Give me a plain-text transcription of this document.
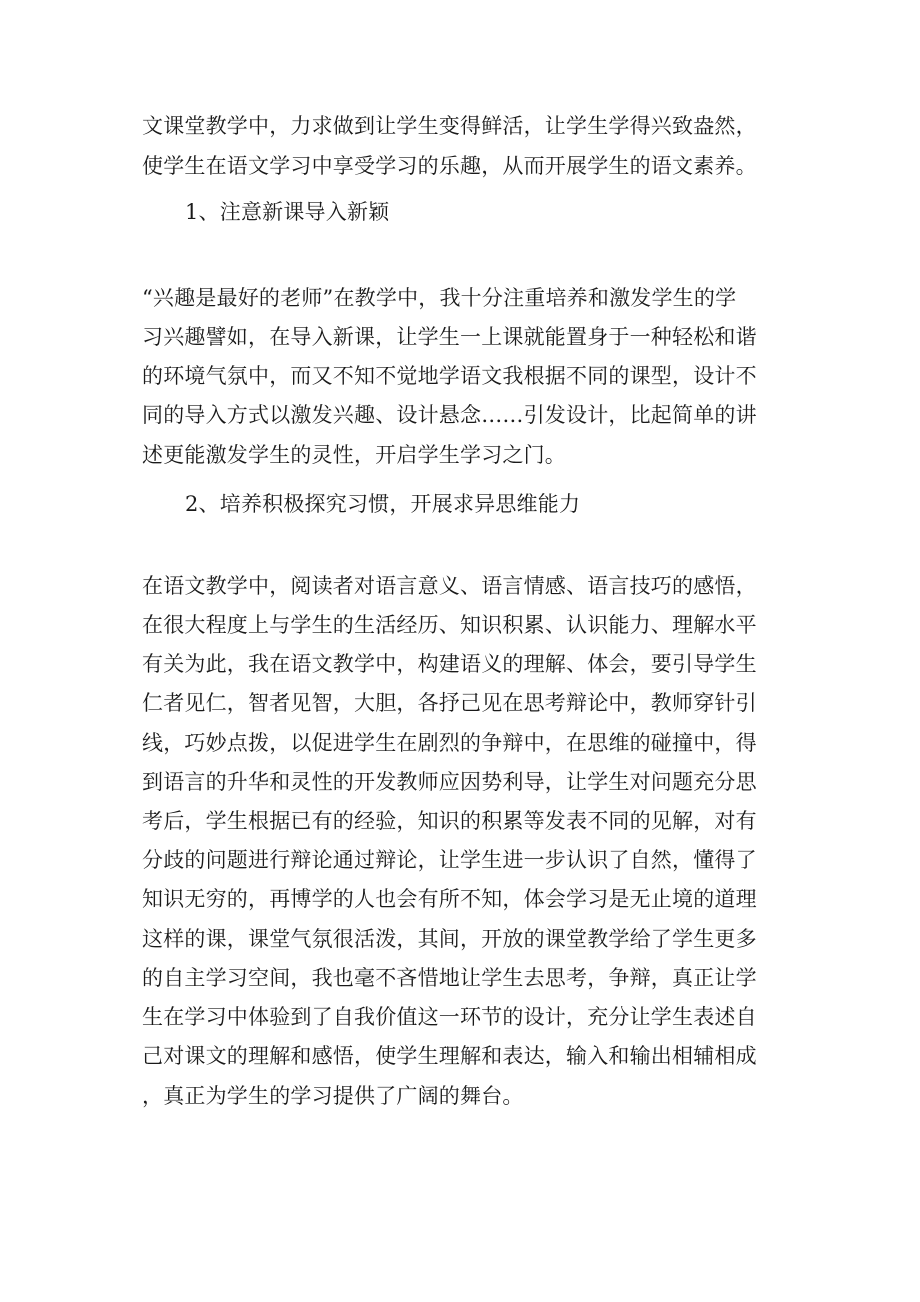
文课堂教学中，力求做到让学生变得鲜活，让学生学得兴致盎然，
使学生在语文学习中享受学习的乐趣，从而开展学生的语文素养。
1、注意新课导入新颖
“兴趣是最好的老师”在教学中，我十分注重培养和激发学生的学
习兴趣譬如，在导入新课，让学生一上课就能置身于一种轻松和谐
的环境气氛中，而又不知不觉地学语文我根据不同的课型，设计不
同的导入方式以激发兴趣、设计悬念……引发设计，比起简单的讲
述更能激发学生的灵性，开启学生学习之门。
2、培养积极探究习惯，开展求异思维能力
在语文教学中，阅读者对语言意义、语言情感、语言技巧的感悟，
在很大程度上与学生的生活经历、知识积累、认识能力、理解水平
有关为此，我在语文教学中，构建语义的理解、体会，要引导学生
仁者见仁，智者见智，大胆，各抒己见在思考辩论中，教师穿针引
线，巧妙点拨，以促进学生在剧烈的争辩中，在思维的碰撞中，得
到语言的升华和灵性的开发教师应因势利导，让学生对问题充分思
考后，学生根据已有的经验，知识的积累等发表不同的见解，对有
分歧的问题进行辩论通过辩论，让学生进一步认识了自然，懂得了
知识无穷的，再博学的人也会有所不知，体会学习是无止境的道理
这样的课，课堂气氛很活泼，其间，开放的课堂教学给了学生更多
的自主学习空间，我也毫不吝惜地让学生去思考，争辩，真正让学
生在学习中体验到了自我价值这一环节的设计，充分让学生表述自
己对课文的理解和感悟，使学生理解和表达，输入和输出相辅相成
，真正为学生的学习提供了广阔的舞台。
